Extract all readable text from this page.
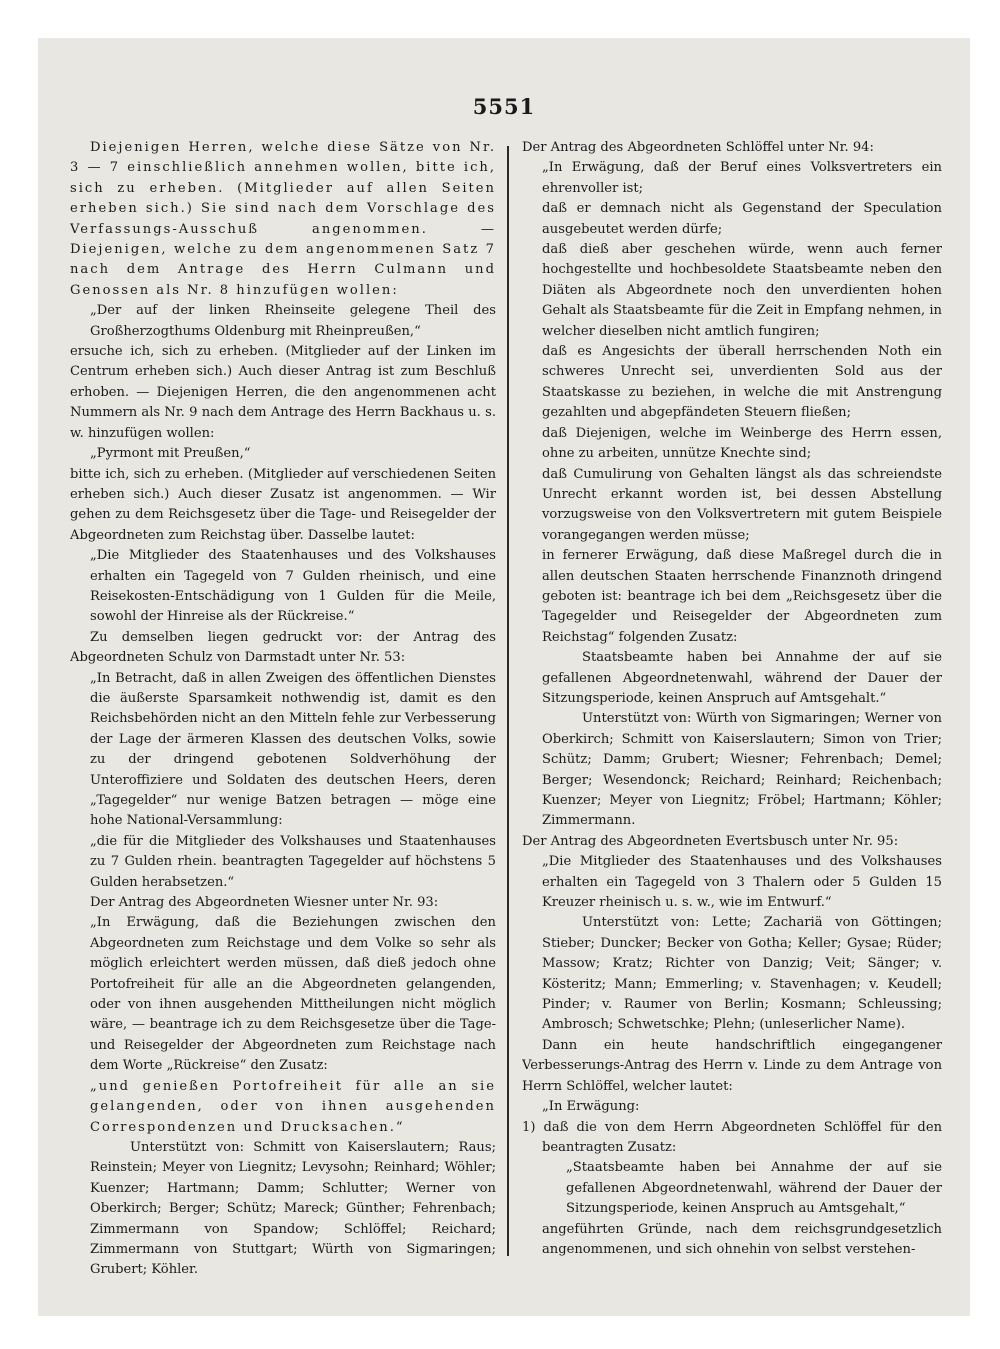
5551

Diejenigen Herren, welche diese Sätze von Nr. 3 — 7 einschließlich annehmen wollen, bitte ich, sich zu erheben. (Mitglieder auf allen Seiten erheben sich.) Sie sind nach dem Vorschlage des Verfassungs-Ausschuß angenommen. — Diejenigen, welche zu dem angenommenen Satz 7 nach dem Antrage des Herrn Culmann und Genossen als Nr. 8 hinzufügen wollen:

„Der auf der linken Rheinseite gelegene Theil des Großherzogthums Oldenburg mit Rheinpreußen,“

ersuche ich, sich zu erheben. (Mitglieder auf der Linken im Centrum erheben sich.) Auch dieser Antrag ist zum Beschluß erhoben. — Diejenigen Herren, die den angenommenen acht Nummern als Nr. 9 nach dem Antrage des Herrn Backhaus u. s. w. hinzufügen wollen:

„Pyrmont mit Preußen,“

bitte ich, sich zu erheben. (Mitglieder auf verschiedenen Seiten erheben sich.) Auch dieser Zusatz ist angenommen. — Wir gehen zu dem Reichsgesetz über die Tage- und Reisegelder der Abgeordneten zum Reichstag über. Dasselbe lautet:

„Die Mitglieder des Staatenhauses und des Volkshauses erhalten ein Tagegeld von 7 Gulden rheinisch, und eine Reisekosten-Entschädigung von 1 Gulden für die Meile, sowohl der Hinreise als der Rückreise.“

Zu demselben liegen gedruckt vor: der Antrag des Abgeordneten Schulz von Darmstadt unter Nr. 53:

„In Betracht, daß in allen Zweigen des öffentlichen Dienstes die äußerste Sparsamkeit nothwendig ist, damit es den Reichsbehörden nicht an den Mitteln fehle zur Verbesserung der Lage der ärmeren Klassen des deutschen Volks, sowie zu der dringend gebotenen Soldverhöhung der Unteroffiziere und Soldaten des deutschen Heers, deren „Tagegelder“ nur wenige Batzen betragen — möge eine hohe National-Versammlung:

„die für die Mitglieder des Volkshauses und Staatenhauses zu 7 Gulden rhein. beantragten Tagegelder auf höchstens 5 Gulden herabsetzen.“

Der Antrag des Abgeordneten Wiesner unter Nr. 93:

„In Erwägung, daß die Beziehungen zwischen den Abgeordneten zum Reichstage und dem Volke so sehr als möglich erleichtert werden müssen, daß dieß jedoch ohne Portofreiheit für alle an die Abgeordneten gelangenden, oder von ihnen ausgehenden Mittheilungen nicht möglich wäre, — beantrage ich zu dem Reichsgesetze über die Tage- und Reisegelder der Abgeordneten zum Reichstage nach dem Worte „Rückreise“ den Zusatz:

„und genießen Portofreiheit für alle an sie gelangenden, oder von ihnen ausgehenden Correspondenzen und Drucksachen.“

Unterstützt von: Schmitt von Kaiserslautern; Raus; Reinstein; Meyer von Liegnitz; Levysohn; Reinhard; Wöhler; Kuenzer; Hartmann; Damm; Schlutter; Werner von Oberkirch; Berger; Schütz; Mareck; Günther; Fehrenbach; Zimmermann von Spandow; Schlöffel; Reichard; Zimmermann von Stuttgart; Würth von Sigmaringen; Grubert; Köhler.

Der Antrag des Abgeordneten Schlöffel unter Nr. 94:

„In Erwägung, daß der Beruf eines Volksvertreters ein ehrenvoller ist;

daß er demnach nicht als Gegenstand der Speculation ausgebeutet werden dürfe;

daß dieß aber geschehen würde, wenn auch ferner hochgestellte und hochbesoldete Staatsbeamte neben den Diäten als Abgeordnete noch den unverdienten hohen Gehalt als Staatsbeamte für die Zeit in Empfang nehmen, in welcher dieselben nicht amtlich fungiren;

daß es Angesichts der überall herrschenden Noth ein schweres Unrecht sei, unverdienten Sold aus der Staatskasse zu beziehen, in welche die mit Anstrengung gezahlten und abgepfändeten Steuern fließen;

daß Diejenigen, welche im Weinberge des Herrn essen, ohne zu arbeiten, unnütze Knechte sind;

daß Cumulirung von Gehalten längst als das schreiendste Unrecht erkannt worden ist, bei dessen Abstellung vorzugsweise von den Volksvertretern mit gutem Beispiele vorangegangen werden müsse;

in fernerer Erwägung, daß diese Maßregel durch die in allen deutschen Staaten herrschende Finanznoth dringend geboten ist: beantrage ich bei dem „Reichsgesetz über die Tagegelder und Reisegelder der Abgeordneten zum Reichstag“ folgenden Zusatz:

Staatsbeamte haben bei Annahme der auf sie gefallenen Abgeordnetenwahl, während der Dauer der Sitzungsperiode, keinen Anspruch auf Amtsgehalt.“

Unterstützt von: Würth von Sigmaringen; Werner von Oberkirch; Schmitt von Kaiserslautern; Simon von Trier; Schütz; Damm; Grubert; Wiesner; Fehrenbach; Demel; Berger; Wesendonck; Reichard; Reinhard; Reichenbach; Kuenzer; Meyer von Liegnitz; Fröbel; Hartmann; Köhler; Zimmermann.

Der Antrag des Abgeordneten Evertsbusch unter Nr. 95:

„Die Mitglieder des Staatenhauses und des Volkshauses erhalten ein Tagegeld von 3 Thalern oder 5 Gulden 15 Kreuzer rheinisch u. s. w., wie im Entwurf.“

Unterstützt von: Lette; Zachariä von Göttingen; Stieber; Duncker; Becker von Gotha; Keller; Gysae; Rüder; Massow; Kratz; Richter von Danzig; Veit; Sänger; v. Kösteritz; Mann; Emmerling; v. Stavenhagen; v. Keudell; Pinder; v. Raumer von Berlin; Kosmann; Schleussing; Ambrosch; Schwetschke; Plehn; (unleserlicher Name).

Dann ein heute handschriftlich eingegangener Verbesserungs-Antrag des Herrn v. Linde zu dem Antrage von Herrn Schlöffel, welcher lautet:

„In Erwägung:

1) daß die von dem Herrn Abgeordneten Schlöffel für den beantragten Zusatz:

„Staatsbeamte haben bei Annahme der auf sie gefallenen Abgeordnetenwahl, während der Dauer der Sitzungsperiode, keinen Anspruch au Amtsgehalt,“

angeführten Gründe, nach dem reichsgrundgesetzlich angenommenen, und sich ohnehin von selbst verstehen-
